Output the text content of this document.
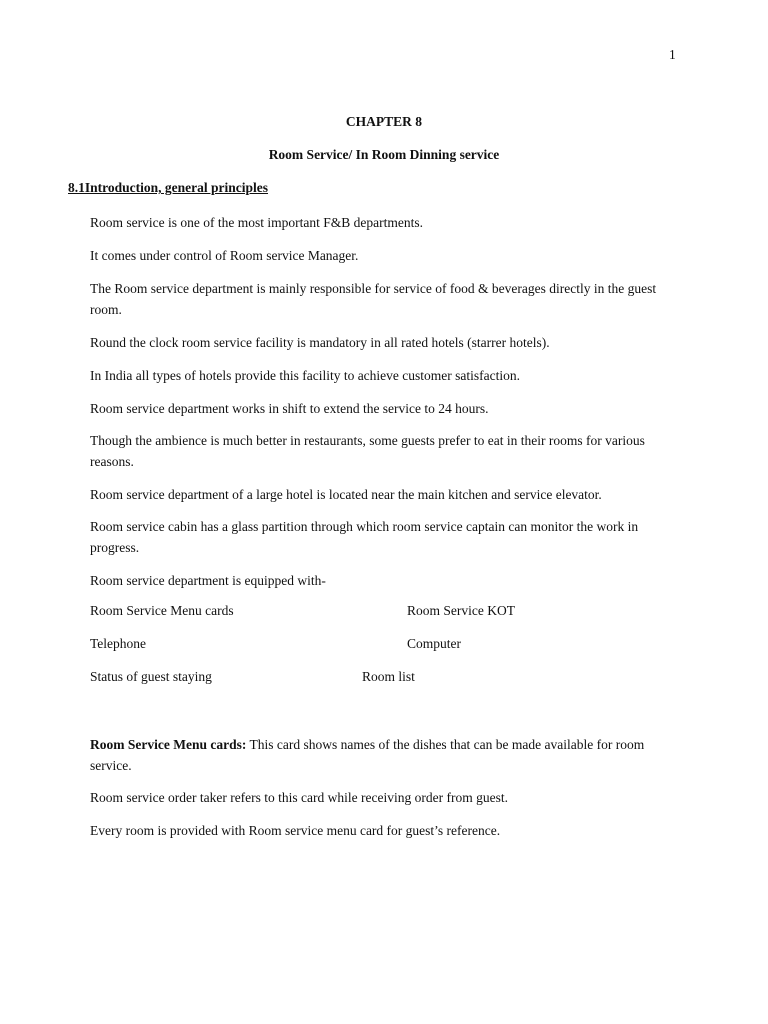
1
CHAPTER 8
Room Service/ In Room Dinning service
8.1Introduction, general principles

Room service is one of the most important F&B departments.

It comes under control of Room service Manager.

The Room service department is mainly responsible for service of food & beverages directly in the guest room.

Round the clock room service facility is mandatory in all rated hotels (starrer hotels).

In India all types of hotels provide this facility to achieve customer satisfaction.

Room service department works in shift to extend the service to 24 hours.

Though the ambience is much better in restaurants, some guests prefer to eat in their rooms for various reasons.

Room service department of a large hotel is located near the main kitchen and service elevator.

Room service cabin has a glass partition through which room service captain can monitor the work in progress.

Room service department is equipped with-

Room Service Menu cards	Room Service KOT
Telephone	Computer
Status of guest staying	Room list

Room Service Menu cards: This card shows names of the dishes that can be made available for room service.

Room service order taker refers to this card while receiving order from guest.

Every room is provided with Room service menu card for guest’s reference.
